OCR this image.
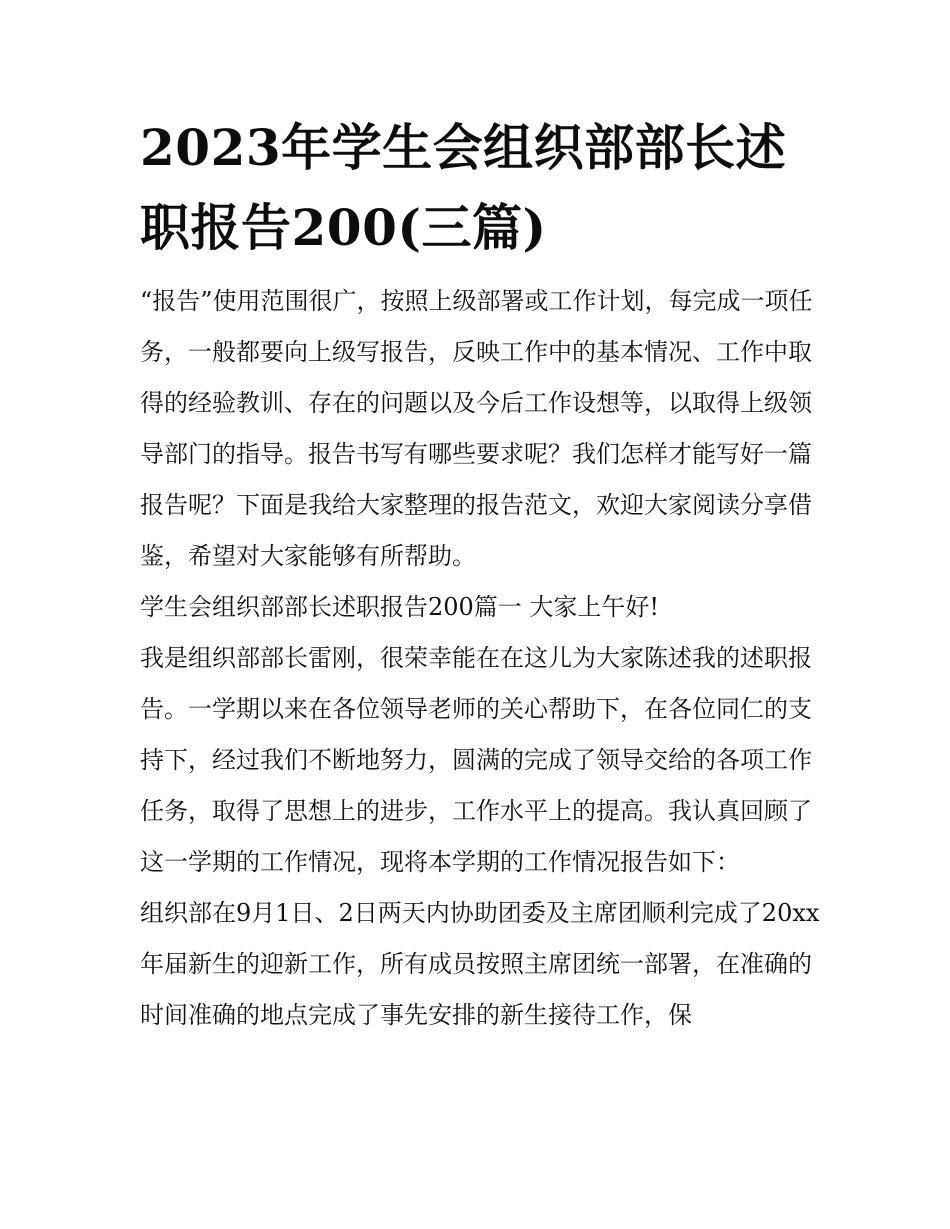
2023年学生会组织部部长述职报告200(三篇)

“报告”使用范围很广，按照上级部署或工作计划，每完成一项任务，一般都要向上级写报告，反映工作中的基本情况、工作中取得的经验教训、存在的问题以及今后工作设想等，以取得上级领导部门的指导。报告书写有哪些要求呢？我们怎样才能写好一篇报告呢？下面是我给大家整理的报告范文，欢迎大家阅读分享借鉴，希望对大家能够有所帮助。

学生会组织部部长述职报告200篇一 大家上午好!

我是组织部部长雷刚，很荣幸能在在这儿为大家陈述我的述职报告。一学期以来在各位领导老师的关心帮助下，在各位同仁的支持下，经过我们不断地努力，圆满的完成了领导交给的各项工作任务，取得了思想上的进步，工作水平上的提高。我认真回顾了这一学期的工作情况，现将本学期的工作情况报告如下：

组织部在9月1日、2日两天内协助团委及主席团顺利完成了20xx年届新生的迎新工作，所有成员按照主席团统一部署，在准确的时间准确的地点完成了事先安排的新生接待工作，保
